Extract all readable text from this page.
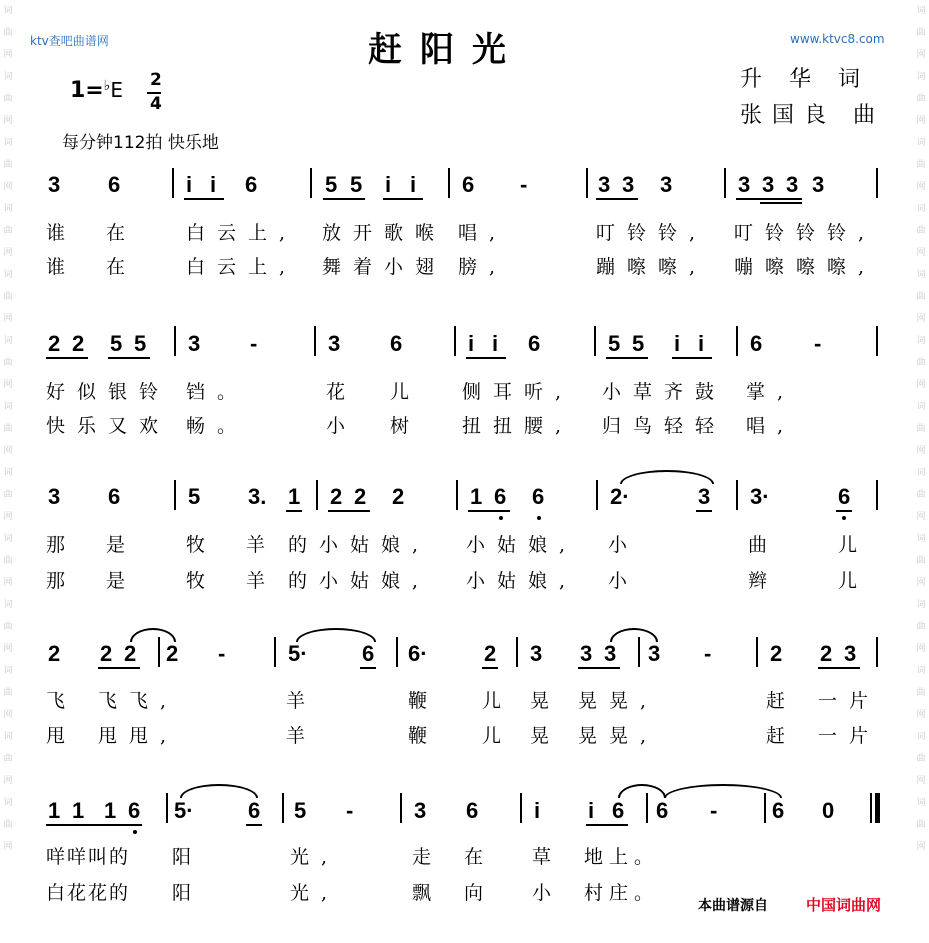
词曲网词曲网词曲网词曲网词曲网词曲网词曲网词曲网词曲网词曲网词曲网词曲网词曲网
词曲网词曲网词曲网词曲网词曲网词曲网词曲网词曲网词曲网词曲网词曲网词曲网词曲网
ktv查吧曲谱网	www.ktvc8.com
赶阳光
升 华 词
张国良 曲
1=♭E 2
4
每分钟112拍 快乐地
3 6	i i 6	5 5 i i 6 -	3 3 3	3 3 3 3
谁 在	白云上, 放开歌喉 唱,	叮铃铃, 叮铃铃铃,
谁 在	白云上, 舞着小翅 膀,	蹦嚓嚓, 嘣嚓嚓嚓,
2 2 5 5 3 -	3 6	i i 6	5 5 i i 6 -
好似银铃 铛。	花 儿 侧耳听, 小草齐鼓 掌,
快乐又欢 畅。	小 树 扭扭腰, 归鸟轻轻 唱,
3 6	5 3. 1 2 2 2	1 6 6	2·	3 3·	6
那 是	牧 羊 的小姑娘, 小姑娘, 小	曲	儿
那 是	牧 羊 的小姑娘, 小姑娘, 小	辫	儿
2 2 2 2 -	5· 6 6·	2 3 3 3 3 -	2 2 3
飞 飞飞,	羊	鞭 儿 晃 晃晃,	赶 一片
甩 甩甩,	羊	鞭 儿 晃 晃晃,	赶 一片
1 1 1 6 5· 6 5 -	3 6	i i 6 6 - 6 0
咩咩叫的 阳	光,	走 在 草 地上。
白花花的 阳	光,	飘 向 小 村庄。
本曲谱源自	中国词曲网
